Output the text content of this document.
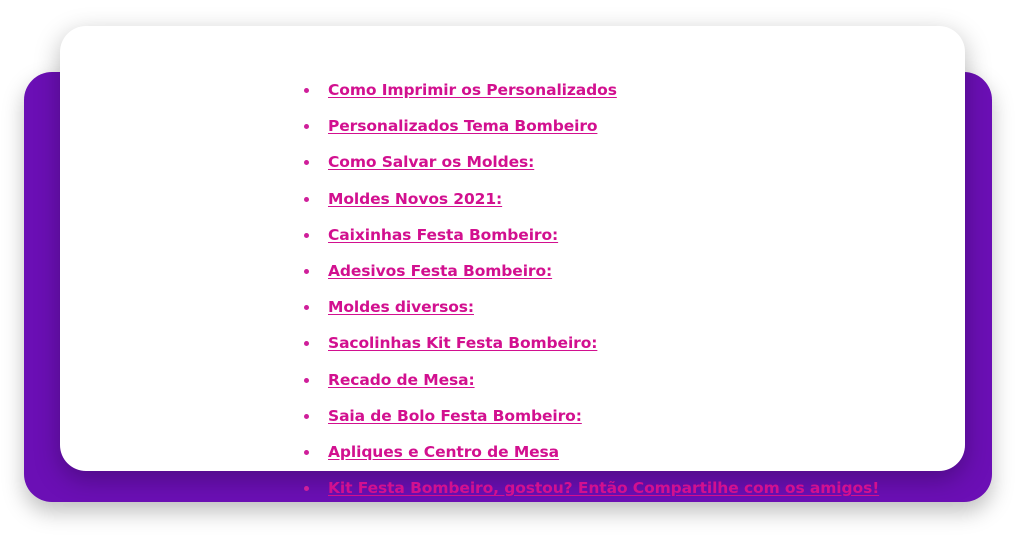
Como Imprimir os Personalizados
Personalizados Tema Bombeiro
Como Salvar os Moldes:
Moldes Novos 2021:
Caixinhas Festa Bombeiro:
Adesivos Festa Bombeiro:
Moldes diversos:
Sacolinhas Kit Festa Bombeiro:
Recado de Mesa:
Saia de Bolo Festa Bombeiro:
Apliques e Centro de Mesa
Kit Festa Bombeiro, gostou? Então Compartilhe com os amigos!
